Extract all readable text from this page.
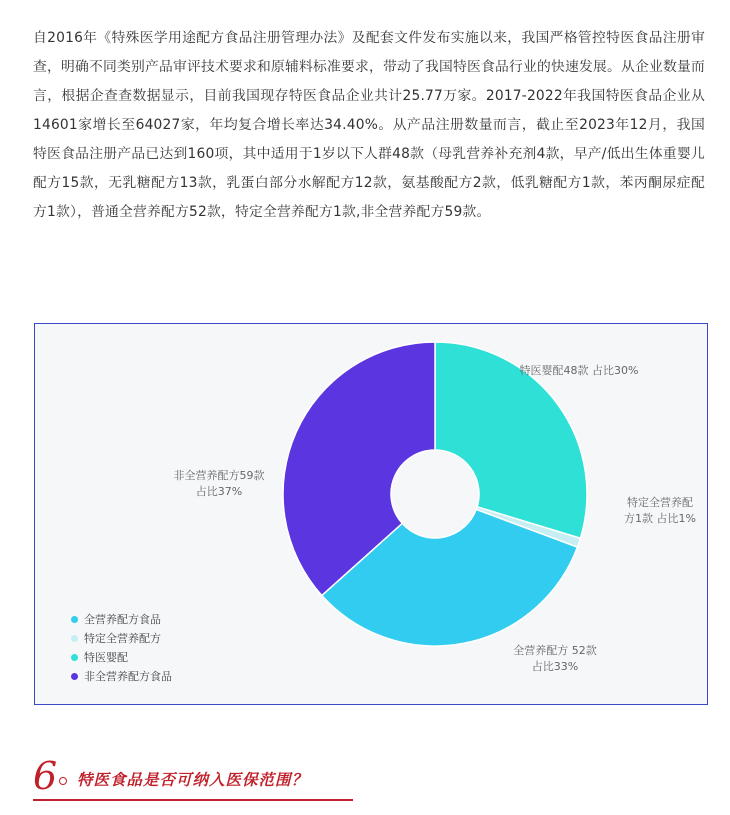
自2016年《特殊医学用途配方食品注册管理办法》及配套文件发布实施以来，我国严格管控特医食品注册审查，明确不同类别产品审评技术要求和原辅料标准要求，带动了我国特医食品行业的快速发展。从企业数量而言，根据企查查数据显示，目前我国现存特医食品企业共计25.77万家。2017-2022年我国特医食品企业从14601家增长至64027家，年均复合增长率达34.40%。从产品注册数量而言，截止至2023年12月，我国特医食品注册产品已达到160项，其中适用于1岁以下人群48款（母乳营养补充剂4款，早产/低出生体重婴儿配方15款，无乳糖配方13款，乳蛋白部分水解配方12款，氨基酸配方2款，低乳糖配方1款，苯丙酮尿症配方1款），普通全营养配方52款，特定全营养配方1款,非全营养配方59款。
特医婴配48款 占比30%
特定全营养配方1款 占比1%
全营养配方 52款占比33%
非全营养配方59款占比37%
全营养配方食品
特定全营养配方
特医婴配
非全营养配方食品
6 特医食品是否可纳入医保范围？
